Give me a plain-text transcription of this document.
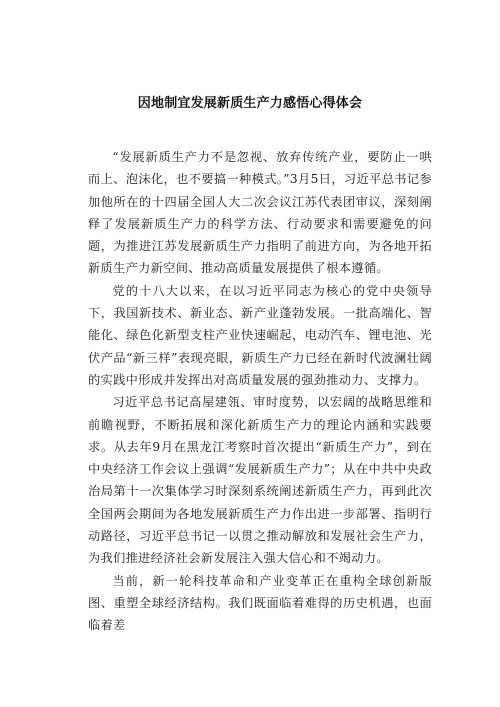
因地制宜发展新质生产力感悟心得体会

“发展新质生产力不是忽视、放弃传统产业，要防止一哄而上、泡沫化，也不要搞一种模式。”3月5日，习近平总书记参加他所在的十四届全国人大二次会议江苏代表团审议，深刻阐释了发展新质生产力的科学方法、行动要求和需要避免的问题，为推进江苏发展新质生产力指明了前进方向，为各地开拓新质生产力新空间、推动高质量发展提供了根本遵循。

党的十八大以来，在以习近平同志为核心的党中央领导下，我国新技术、新业态、新产业蓬勃发展。一批高端化、智能化、绿色化新型支柱产业快速崛起，电动汽车、锂电池、光伏产品“新三样”表现亮眼，新质生产力已经在新时代波澜壮阔的实践中形成并发挥出对高质量发展的强劲推动力、支撑力。

习近平总书记高屋建瓴、审时度势，以宏阔的战略思维和前瞻视野，不断拓展和深化新质生产力的理论内涵和实践要求。从去年9月在黑龙江考察时首次提出“新质生产力”，到在中央经济工作会议上强调“发展新质生产力”；从在中共中央政治局第十一次集体学习时深刻系统阐述新质生产力，再到此次全国两会期间为各地发展新质生产力作出进一步部署、指明行动路径，习近平总书记一以贯之推动解放和发展社会生产力，为我们推进经济社会新发展注入强大信心和不竭动力。

当前，新一轮科技革命和产业变革正在重构全球创新版图、重塑全球经济结构。我们既面临着难得的历史机遇，也面临着差
